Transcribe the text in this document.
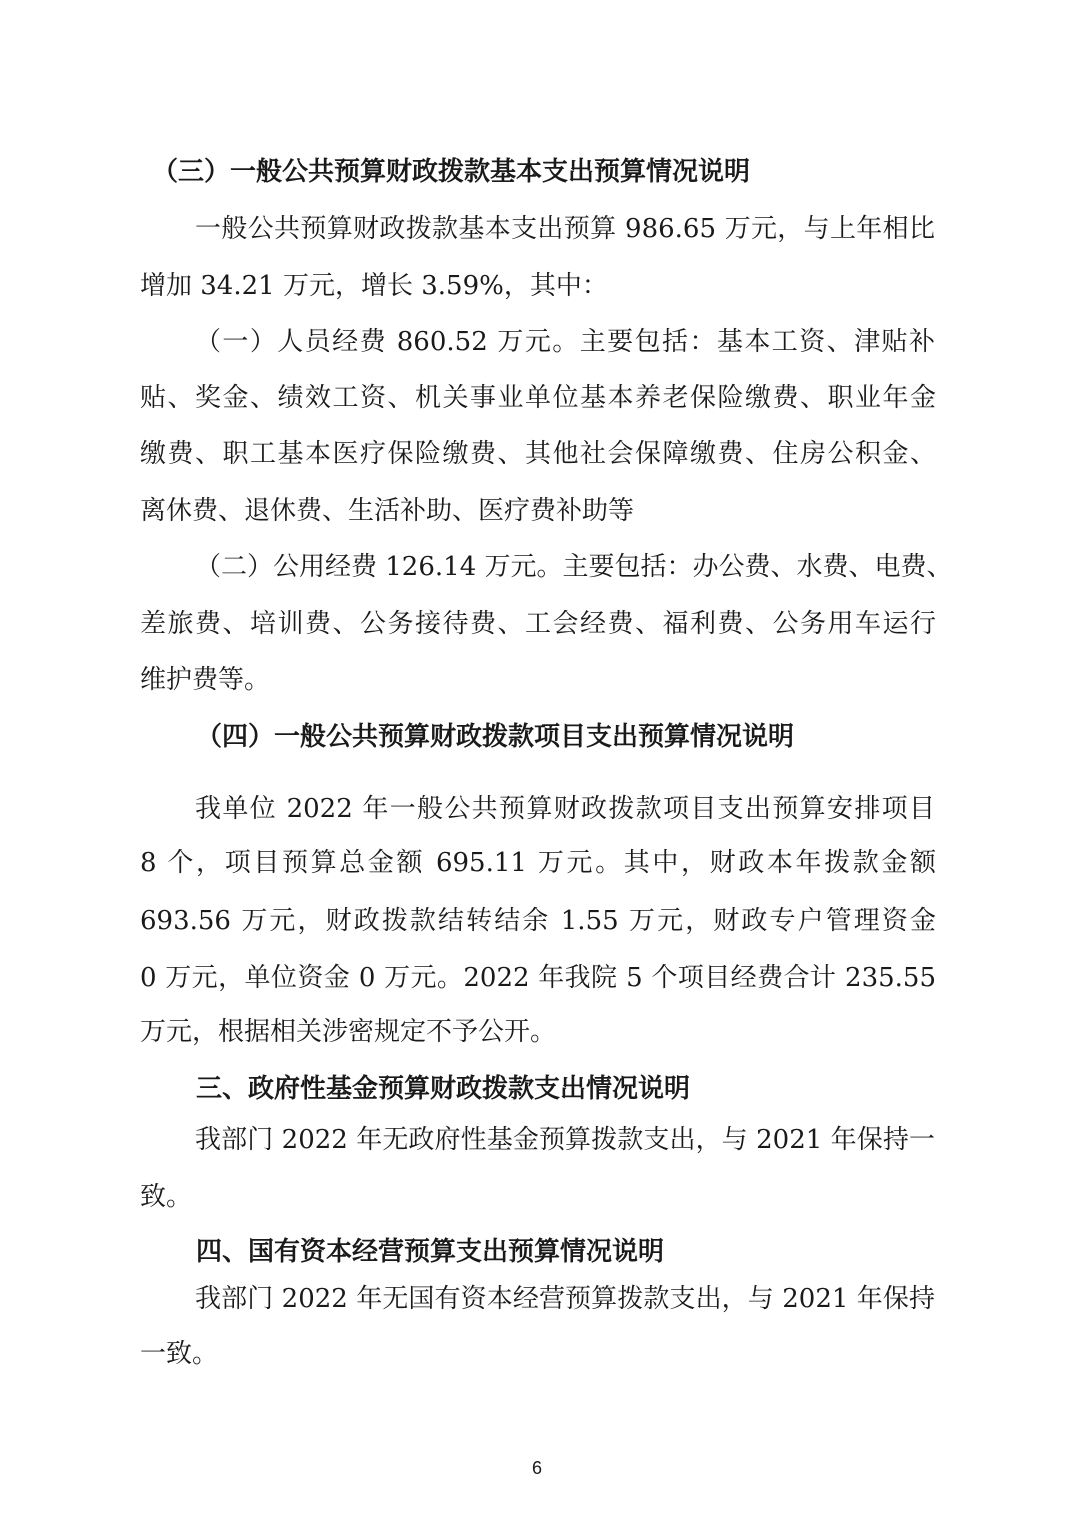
（三）一般公共预算财政拨款基本支出预算情况说明
一般公共预算财政拨款基本支出预算 986.65 万元，与上年相比
增加 34.21 万元，增长 3.59%，其中：
（一）人员经费 860.52 万元。主要包括：基本工资、津贴补
贴、奖金、绩效工资、机关事业单位基本养老保险缴费、职业年金
缴费、职工基本医疗保险缴费、其他社会保障缴费、住房公积金、
离休费、退休费、生活补助、医疗费补助等
（二）公用经费 126.14 万元。主要包括：办公费、水费、电费、
差旅费、培训费、公务接待费、工会经费、福利费、公务用车运行
维护费等。
（四）一般公共预算财政拨款项目支出预算情况说明
我单位 2022 年一般公共预算财政拨款项目支出预算安排项目
8 个，项目预算总金额 695.11 万元。其中，财政本年拨款金额
693.56 万元，财政拨款结转结余 1.55 万元，财政专户管理资金
0 万元，单位资金 0 万元。2022 年我院 5 个项目经费合计 235.55
万元，根据相关涉密规定不予公开。
三、政府性基金预算财政拨款支出情况说明
我部门 2022 年无政府性基金预算拨款支出，与 2021 年保持一
致。
四、国有资本经营预算支出预算情况说明
我部门 2022 年无国有资本经营预算拨款支出，与 2021 年保持
一致。
6
